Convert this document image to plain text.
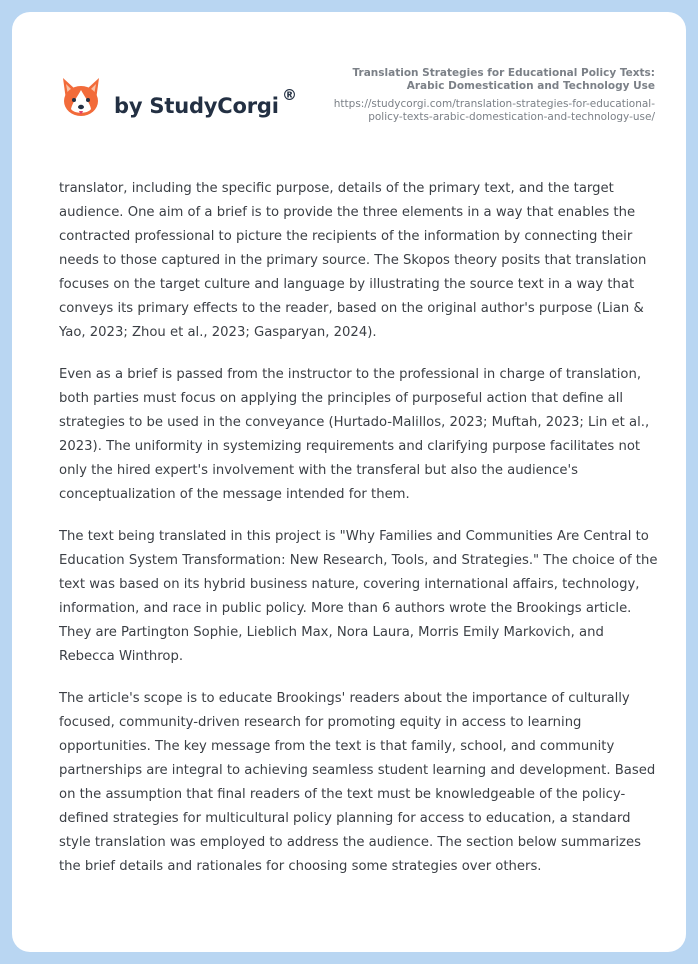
by StudyCorgi ®
Translation Strategies for Educational Policy Texts:
Arabic Domestication and Technology Use
https://studycorgi.com/translation-strategies-for-educational-
policy-texts-arabic-domestication-and-technology-use/

translator, including the specific purpose, details of the primary text, and the target audience. One aim of a brief is to provide the three elements in a way that enables the contracted professional to picture the recipients of the information by connecting their needs to those captured in the primary source. The Skopos theory posits that translation focuses on the target culture and language by illustrating the source text in a way that conveys its primary effects to the reader, based on the original author's purpose (Lian & Yao, 2023; Zhou et al., 2023; Gasparyan, 2024).

Even as a brief is passed from the instructor to the professional in charge of translation, both parties must focus on applying the principles of purposeful action that define all strategies to be used in the conveyance (Hurtado-Malillos, 2023; Muftah, 2023; Lin et al., 2023). The uniformity in systemizing requirements and clarifying purpose facilitates not only the hired expert's involvement with the transferal but also the audience's conceptualization of the message intended for them.

The text being translated in this project is "Why Families and Communities Are Central to Education System Transformation: New Research, Tools, and Strategies." The choice of the text was based on its hybrid business nature, covering international affairs, technology, information, and race in public policy. More than 6 authors wrote the Brookings article. They are Partington Sophie, Lieblich Max, Nora Laura, Morris Emily Markovich, and Rebecca Winthrop.

The article's scope is to educate Brookings' readers about the importance of culturally focused, community-driven research for promoting equity in access to learning opportunities. The key message from the text is that family, school, and community partnerships are integral to achieving seamless student learning and development. Based on the assumption that final readers of the text must be knowledgeable of the policy-defined strategies for multicultural policy planning for access to education, a standard style translation was employed to address the audience. The section below summarizes the brief details and rationales for choosing some strategies over others.
